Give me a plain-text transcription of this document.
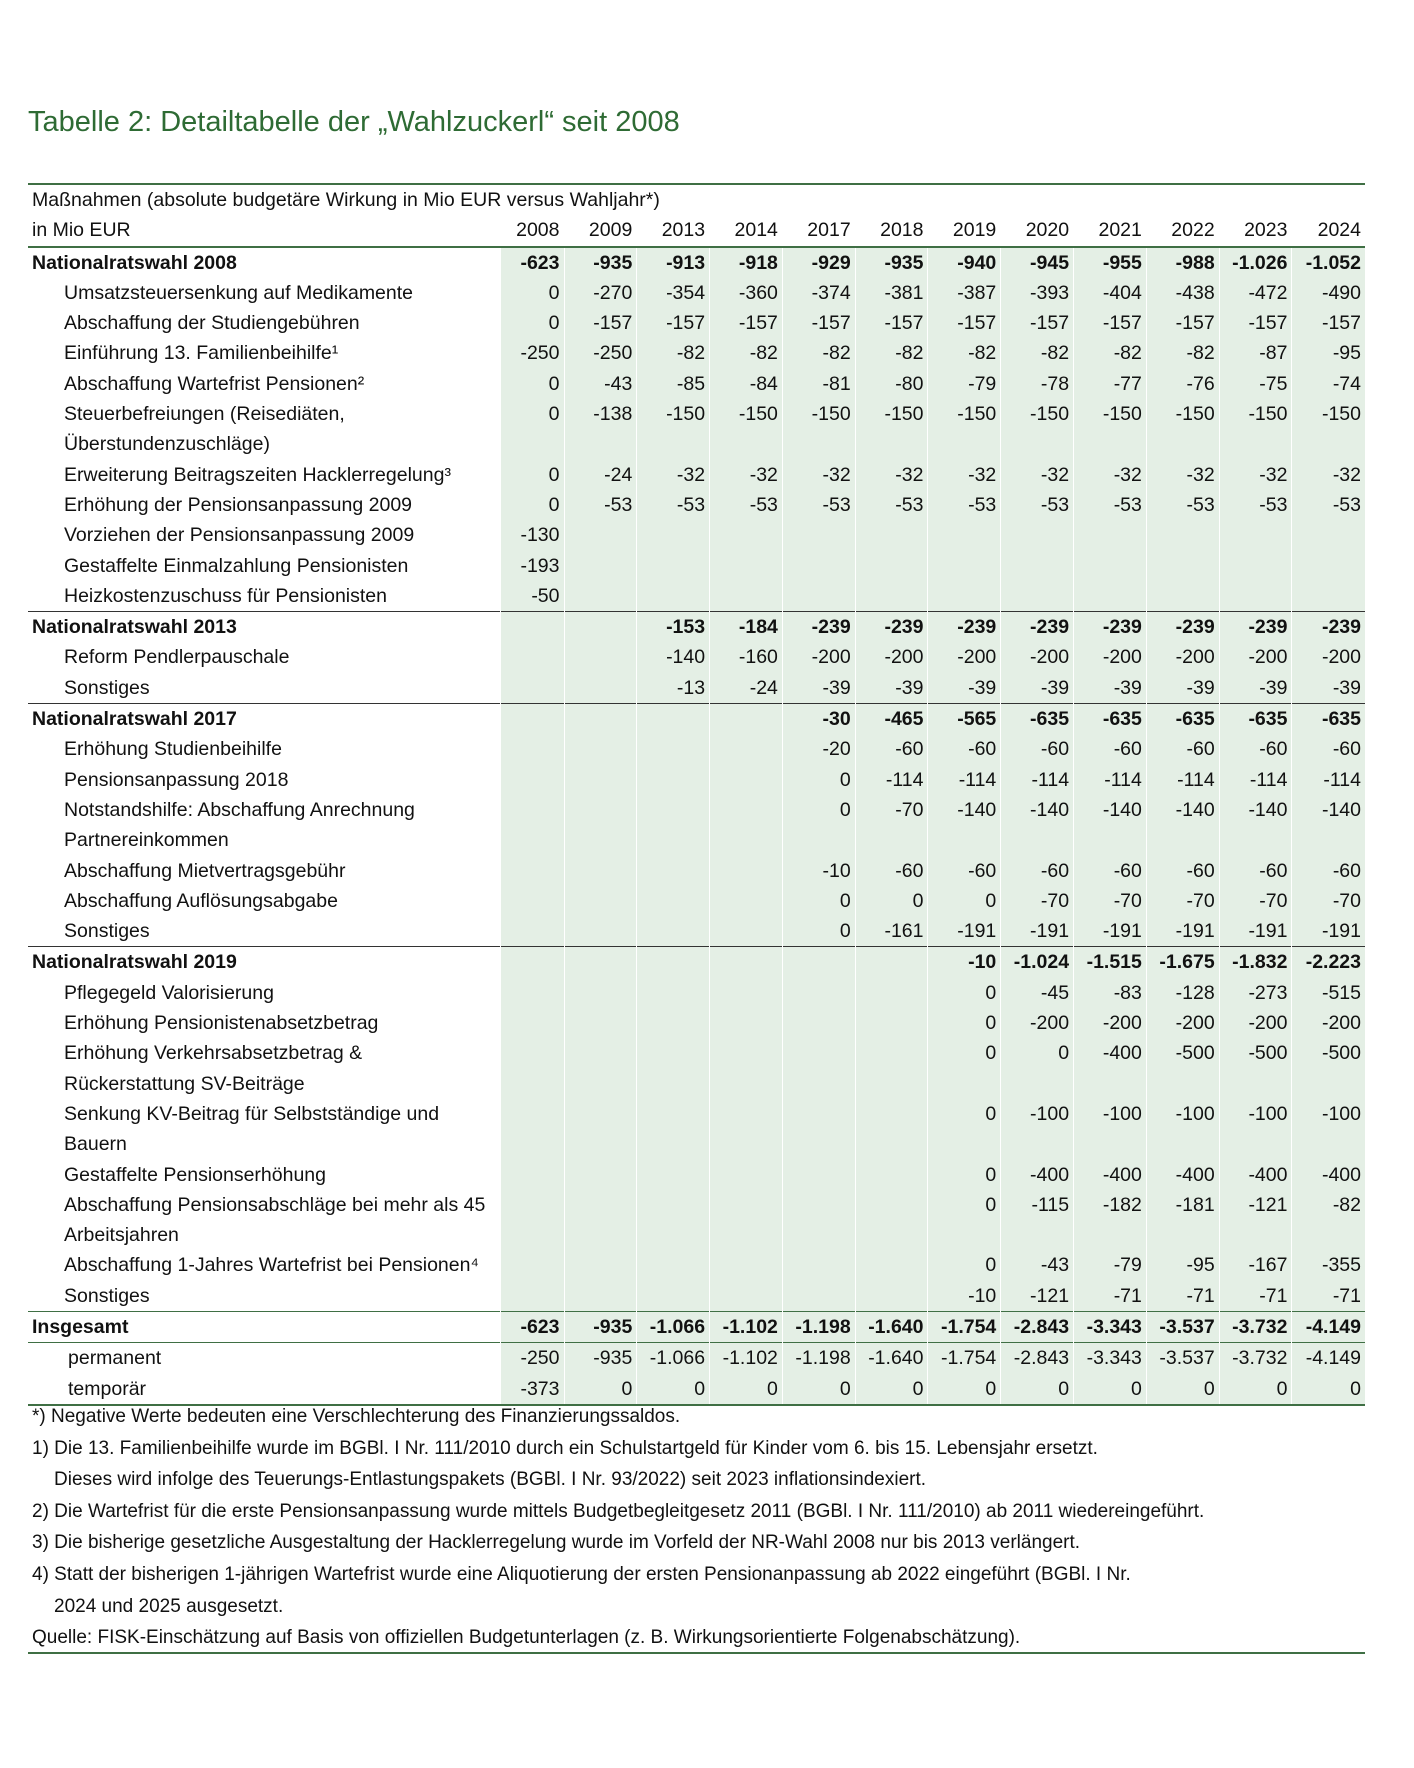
Tabelle 2: Detailtabelle der „Wahlzuckerl“ seit 2008
Maßnahmen (absolute budgetäre Wirkung in Mio EUR versus Wahljahr*)												
in Mio EUR	2008	2009	2013	2014	2017	2018	2019	2020	2021	2022	2023	2024
Nationalratswahl 2008	-623	-935	-913	-918	-929	-935	-940	-945	-955	-988	-1.026	-1.052
Umsatzsteuersenkung auf Medikamente	0	-270	-354	-360	-374	-381	-387	-393	-404	-438	-472	-490
Abschaffung der Studiengebühren	0	-157	-157	-157	-157	-157	-157	-157	-157	-157	-157	-157
Einführung 13. Familienbeihilfe¹	-250	-250	-82	-82	-82	-82	-82	-82	-82	-82	-87	-95
Abschaffung Wartefrist Pensionen²	0	-43	-85	-84	-81	-80	-79	-78	-77	-76	-75	-74
Steuerbefreiungen (Reisediäten,	0	-138	-150	-150	-150	-150	-150	-150	-150	-150	-150	-150
Überstundenzuschläge)												
Erweiterung Beitragszeiten Hacklerregelung³	0	-24	-32	-32	-32	-32	-32	-32	-32	-32	-32	-32
Erhöhung der Pensionsanpassung 2009	0	-53	-53	-53	-53	-53	-53	-53	-53	-53	-53	-53
Vorziehen der Pensionsanpassung 2009	-130											
Gestaffelte Einmalzahlung Pensionisten	-193											
Heizkostenzuschuss für Pensionisten	-50											
Nationalratswahl 2013			-153	-184	-239	-239	-239	-239	-239	-239	-239	-239
Reform Pendlerpauschale			-140	-160	-200	-200	-200	-200	-200	-200	-200	-200
Sonstiges			-13	-24	-39	-39	-39	-39	-39	-39	-39	-39
Nationalratswahl 2017					-30	-465	-565	-635	-635	-635	-635	-635
Erhöhung Studienbeihilfe					-20	-60	-60	-60	-60	-60	-60	-60
Pensionsanpassung 2018					0	-114	-114	-114	-114	-114	-114	-114
Notstandshilfe: Abschaffung Anrechnung					0	-70	-140	-140	-140	-140	-140	-140
Partnereinkommen												
Abschaffung Mietvertragsgebühr					-10	-60	-60	-60	-60	-60	-60	-60
Abschaffung Auflösungsabgabe					0	0	0	-70	-70	-70	-70	-70
Sonstiges					0	-161	-191	-191	-191	-191	-191	-191
Nationalratswahl 2019							-10	-1.024	-1.515	-1.675	-1.832	-2.223
Pflegegeld Valorisierung							0	-45	-83	-128	-273	-515
Erhöhung Pensionistenabsetzbetrag							0	-200	-200	-200	-200	-200
Erhöhung Verkehrsabsetzbetrag &							0	0	-400	-500	-500	-500
Rückerstattung SV-Beiträge												
Senkung KV-Beitrag für Selbstständige und							0	-100	-100	-100	-100	-100
Bauern												
Gestaffelte Pensionserhöhung							0	-400	-400	-400	-400	-400
Abschaffung Pensionsabschläge bei mehr als 45							0	-115	-182	-181	-121	-82
Arbeitsjahren												
Abschaffung 1-Jahres Wartefrist bei Pensionen⁴							0	-43	-79	-95	-167	-355
Sonstiges							-10	-121	-71	-71	-71	-71
Insgesamt	-623	-935	-1.066	-1.102	-1.198	-1.640	-1.754	-2.843	-3.343	-3.537	-3.732	-4.149
permanent	-250	-935	-1.066	-1.102	-1.198	-1.640	-1.754	-2.843	-3.343	-3.537	-3.732	-4.149
temporär	-373	0	0	0	0	0	0	0	0	0	0	0
*) Negative Werte bedeuten eine Verschlechterung des Finanzierungssaldos.
1) Die 13. Familienbeihilfe wurde im BGBl. I Nr. 111/2010 durch ein Schulstartgeld für Kinder vom 6. bis 15. Lebensjahr ersetzt.
Dieses wird infolge des Teuerungs-Entlastungspakets (BGBl. I Nr. 93/2022) seit 2023 inflationsindexiert.
2) Die Wartefrist für die erste Pensionsanpassung wurde mittels Budgetbegleitgesetz 2011 (BGBl. I Nr. 111/2010) ab 2011 wiedereingeführt.
3) Die bisherige gesetzliche Ausgestaltung der Hacklerregelung wurde im Vorfeld der NR-Wahl 2008 nur bis 2013 verlängert.
4) Statt der bisherigen 1-jährigen Wartefrist wurde eine Aliquotierung der ersten Pensionanpassung ab 2022 eingeführt (BGBl. I Nr.
2024 und 2025 ausgesetzt.
Quelle: FISK-Einschätzung auf Basis von offiziellen Budgetunterlagen (z. B. Wirkungsorientierte Folgenabschätzung).
